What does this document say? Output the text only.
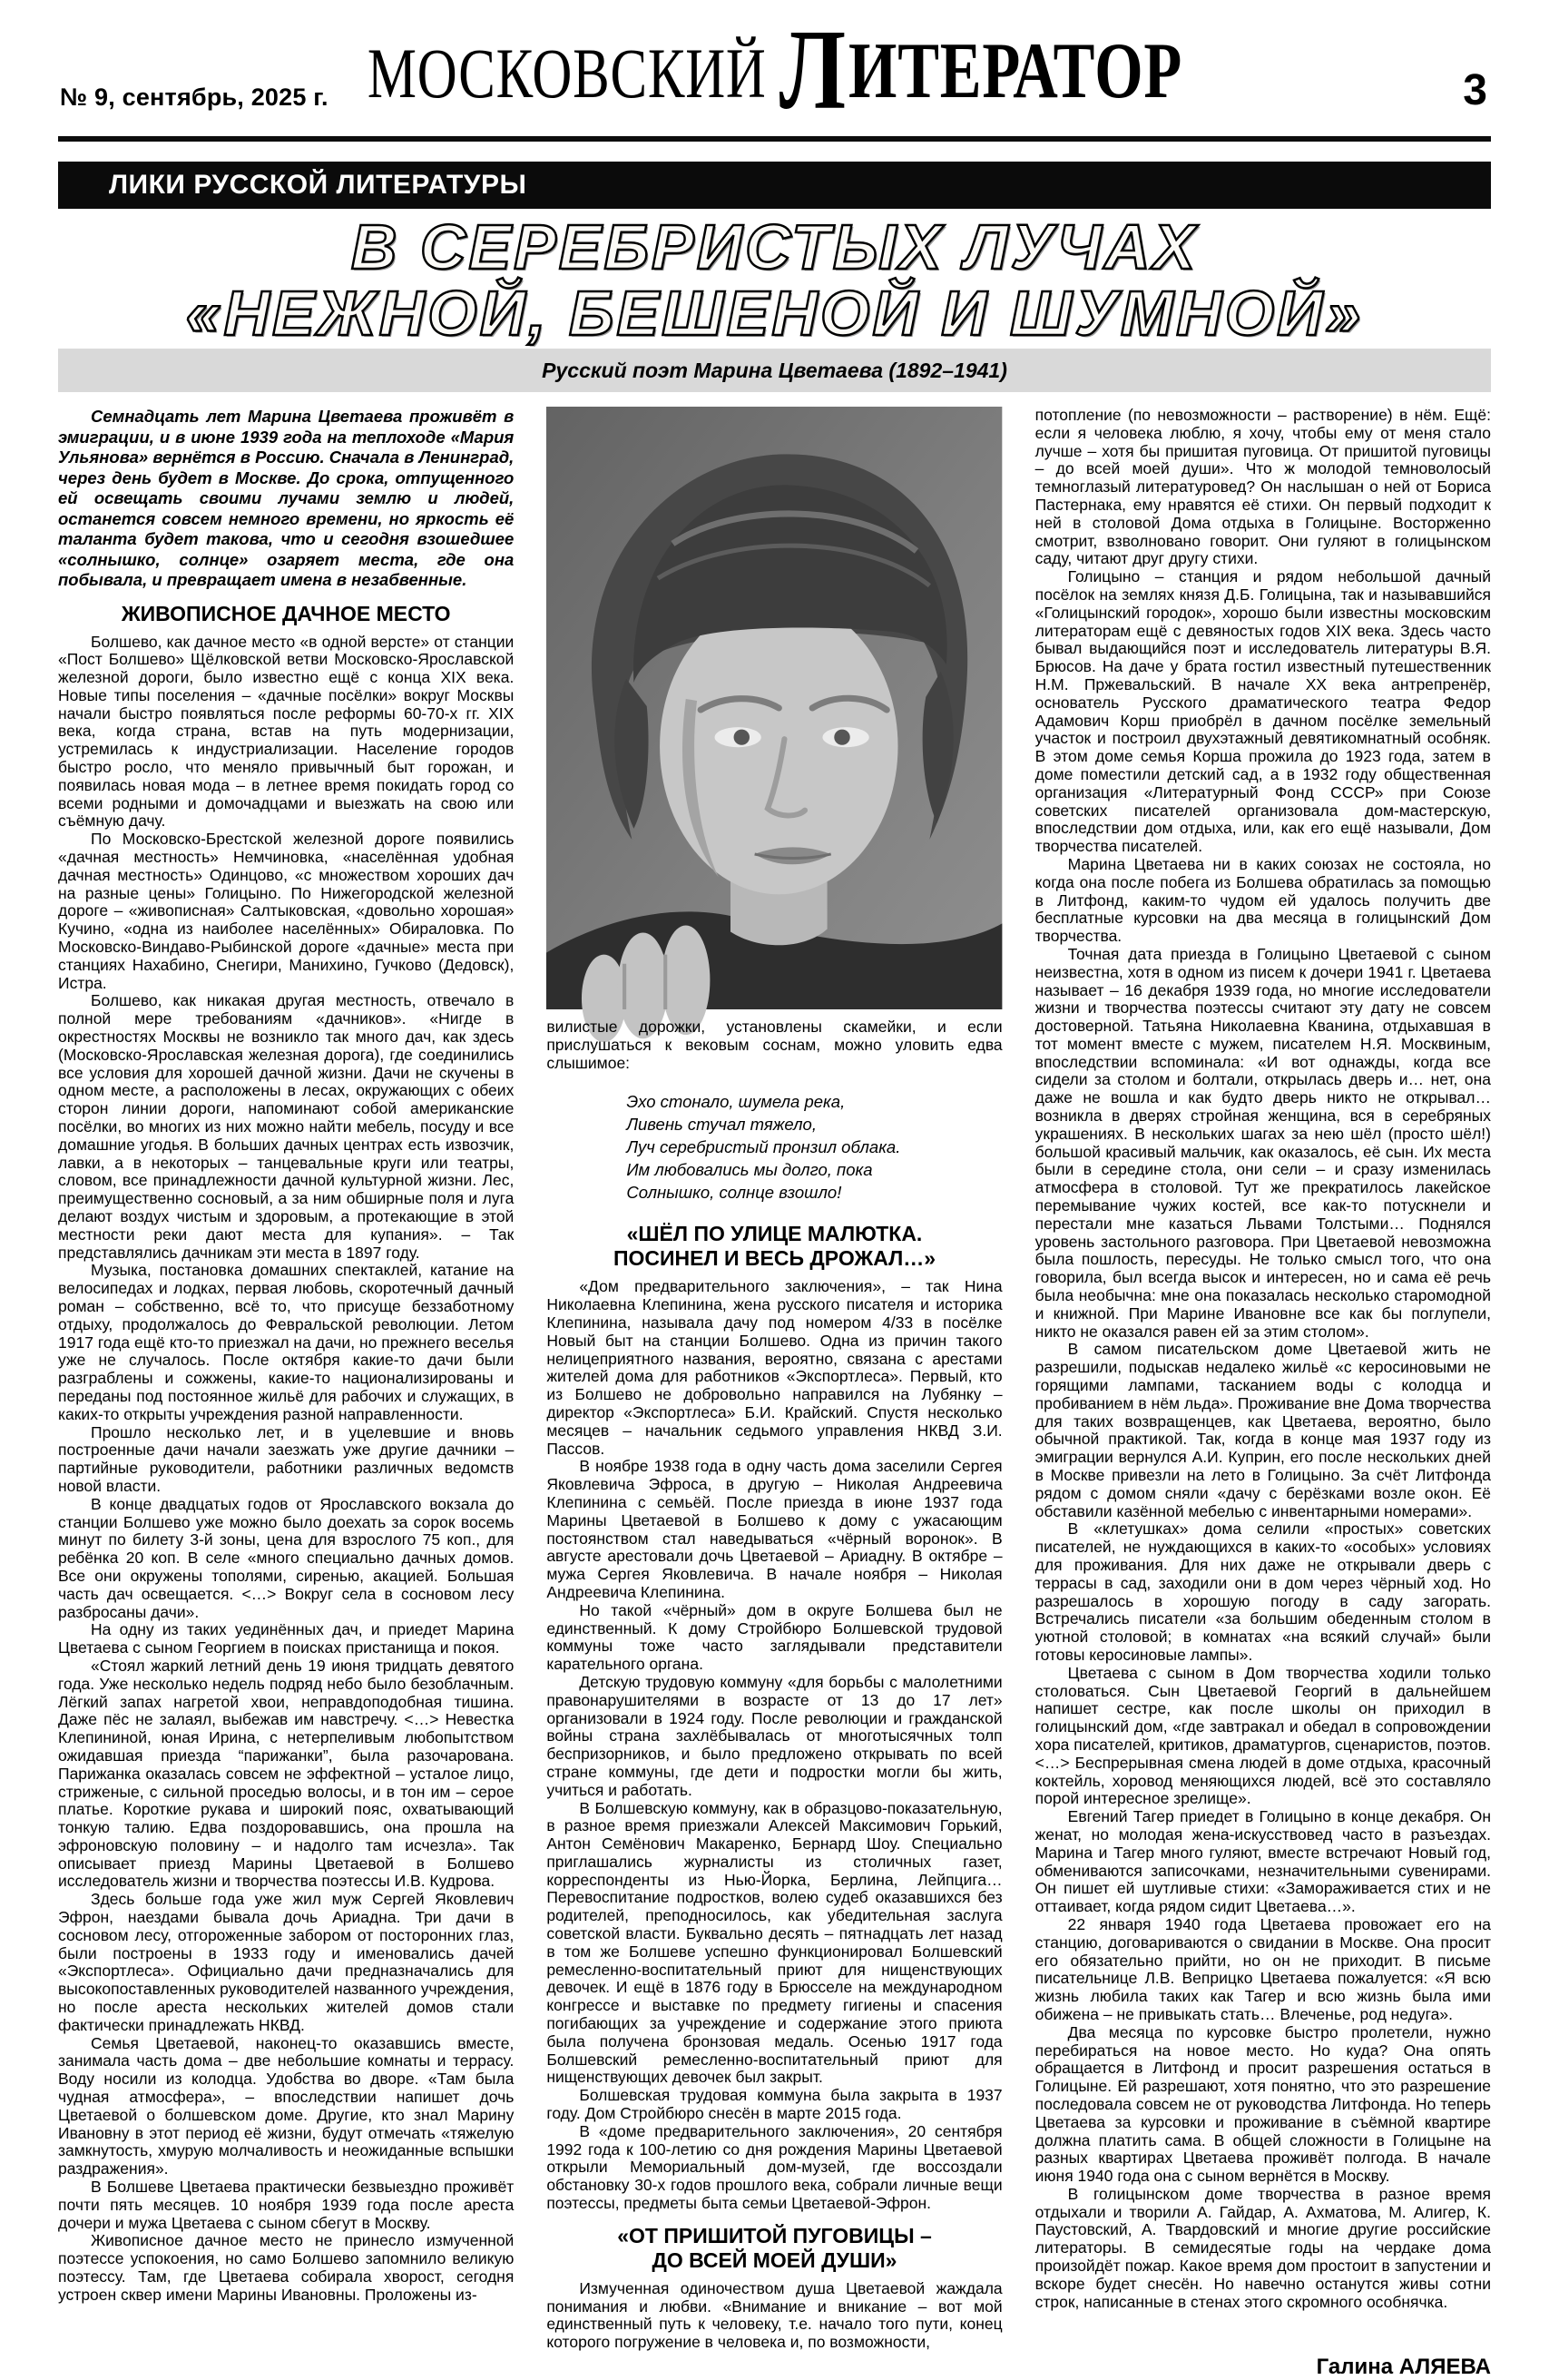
№ 9, сентябрь, 2025 г. МОСКОВСКИЙ ЛИТЕРАТОР	3
ЛИКИ РУССКОЙ ЛИТЕРАТУРЫ
В СЕРЕБРИСТЫХ ЛУЧАХ
«НЕЖНОЙ, БЕШЕНОЙ И ШУМНОЙ»
Русский поэт Марина Цветаева (1892–1941)

Семнадцать лет Марина Цветаева проживёт в эмиграции, и в июне 1939 года на теплоходе «Мария Ульянова» вернётся в Россию. Сначала в Ленинград, через день будет в Москве. До срока, отпущенного ей освещать своими лучами землю и людей, останется совсем немного времени, но яркость её таланта будет такова, что и сегодня взошедшее «солнышко, солнце» озаряет места, где она побывала, и превращает имена в незабвенные.

ЖИВОПИСНОЕ ДАЧНОЕ МЕСТО

Болшево, как дачное место «в одной версте» от станции «Пост Болшево» Щёлковской ветви Московско-Ярославской железной дороги, было известно ещё с конца XIX века. Новые типы поселения – «дачные посёлки» вокруг Москвы начали быстро появляться после реформы 60-70-х гг. XIX века, когда страна, встав на путь модернизации, устремилась к индустриализации. Население городов быстро росло, что меняло привычный быт горожан, и появилась новая мода – в летнее время покидать город со всеми родными и домочадцами и выезжать на свою или съёмную дачу.

По Московско-Брестской железной дороге появились «дачная местность» Немчиновка, «населённая удобная дачная местность» Одинцово, «с множеством хороших дач на разные цены» Голицыно. По Нижегородской железной дороге – «живописная» Салтыковская, «довольно хорошая» Кучино, «одна из наиболее населённых» Обираловка. По Московско-Виндаво-Рыбинской дороге «дачные» места при станциях Нахабино, Снегири, Манихино, Гучково (Дедовск), Истра.

Болшево, как никакая другая местность, отвечало в полной мере требованиям «дачников». «Нигде в окрестностях Москвы не возникло так много дач, как здесь (Московско-Ярославская железная дорога), где соединились все условия для хорошей дачной жизни. Дачи не скучены в одном месте, а расположены в лесах, окружающих с обеих сторон линии дороги, напоминают собой американские посёлки, во многих из них можно найти мебель, посуду и все домашние угодья. В больших дачных центрах есть извозчик, лавки, а в некоторых – танцевальные круги или театры, словом, все принадлежности дачной культурной жизни. Лес, преимущественно сосновый, а за ним обширные поля и луга делают воздух чистым и здоровым, а протекающие в этой местности реки дают места для купания». – Так представлялись дачникам эти места в 1897 году.

Музыка, постановка домашних спектаклей, катание на велосипедах и лодках, первая любовь, скоротечный дачный роман – собственно, всё то, что присуще беззаботному отдыху, продолжалось до Февральской революции. Летом 1917 года ещё кто-то приезжал на дачи, но прежнего веселья уже не случалось. После октября какие-то дачи были разграблены и сожжены, какие-то национализированы и переданы под постоянное жильё для рабочих и служащих, в каких-то открыты учреждения разной направленности.

Прошло несколько лет, и в уцелевшие и вновь построенные дачи начали заезжать уже другие дачники – партийные руководители, работники различных ведомств новой власти.

В конце двадцатых годов от Ярославского вокзала до станции Болшево уже можно было доехать за сорок восемь минут по билету 3-й зоны, цена для взрослого 75 коп., для ребёнка 20 коп. В селе «много специально дачных домов. Все они окружены тополями, сиренью, акацией. Большая часть дач освещается. <…> Вокруг села в сосновом лесу разбросаны дачи».

На одну из таких уединённых дач, и приедет Марина Цветаева с сыном Георгием в поисках пристанища и покоя.

«Стоял жаркий летний день 19 июня тридцать девятого года. Уже несколько недель подряд небо было безоблачным. Лёгкий запах нагретой хвои, неправдоподобная тишина. Даже пёс не залаял, выбежав им навстречу. <…> Невестка Клепининой, юная Ирина, с нетерпеливым любопытством ожидавшая приезда “парижанки”, была разочарована. Парижанка оказалась совсем не эффектной – усталое лицо, стриженые, с сильной проседью волосы, и в тон им – серое платье. Короткие рукава и широкий пояс, охватывающий тонкую талию. Едва поздоровавшись, она прошла на эфроновскую половину – и надолго там исчезла». Так описывает приезд Марины Цветаевой в Болшево исследователь жизни и творчества поэтессы И.В. Кудрова.

Здесь больше года уже жил муж Сергей Яковлевич Эфрон, наездами бывала дочь Ариадна. Три дачи в сосновом лесу, отгороженные забором от посторонних глаз, были построены в 1933 году и именовались дачей «Экспортлеса». Официально дачи предназначались для высокопоставленных руководителей названного учреждения, но после ареста нескольких жителей домов стали фактически принадлежать НКВД.

Семья Цветаевой, наконец-то оказавшись вместе, занимала часть дома – две небольшие комнаты и террасу. Воду носили из колодца. Удобства во дворе. «Там была чудная атмосфера», – впоследствии напишет дочь Цветаевой о болшевском доме. Другие, кто знал Марину Ивановну в этот период её жизни, будут отмечать «тяжелую замкнутость, хмурую молчаливость и неожиданные вспышки раздражения».

В Болшеве Цветаева практически безвыездно проживёт почти пять месяцев. 10 ноября 1939 года после ареста дочери и мужа Цветаева с сыном сбегут в Москву.

Живописное дачное место не принесло измученной поэтессе успокоения, но само Болшево запомнило великую поэтессу. Там, где Цветаева собирала хворост, сегодня устроен сквер имени Марины Ивановны. Проложены из-

вилистые дорожки, установлены скамейки, и если прислушаться к вековым соснам, можно уловить едва слышимое:

Эхо стонало, шумела река,
Ливень стучал тяжело,
Луч серебристый пронзил облака.
Им любовались мы долго, пока
Солнышко, солнце взошло!
«ШЁЛ ПО УЛИЦЕ МАЛЮТКА.
ПОСИНЕЛ И ВЕСЬ ДРОЖАЛ…»

«Дом предварительного заключения», – так Нина Николаевна Клепинина, жена русского писателя и историка Клепинина, называла дачу под номером 4/33 в посёлке Новый быт на станции Болшево. Одна из причин такого нелицеприятного названия, вероятно, связана с арестами жителей дома для работников «Экспортлеса». Первый, кто из Болшево не добровольно направился на Лубянку – директор «Экспортлеса» Б.И. Крайский. Спустя несколько месяцев – начальник седьмого управления НКВД З.И. Пассов.

В ноябре 1938 года в одну часть дома заселили Сергея Яковлевича Эфроса, в другую – Николая Андреевича Клепинина с семьёй. После приезда в июне 1937 года Марины Цветаевой в Болшево к дому с ужасающим постоянством стал наведываться «чёрный воронок». В августе арестовали дочь Цветаевой – Ариадну. В октябре – мужа Сергея Яковлевича. В начале ноября – Николая Андреевича Клепинина.

Но такой «чёрный» дом в округе Болшева был не единственный. К дому Стройбюро Болшевской трудовой коммуны тоже часто заглядывали представители карательного органа.

Детскую трудовую коммуну «для борьбы с малолетними правонарушителями в возрасте от 13 до 17 лет» организовали в 1924 году. После революции и гражданской войны страна захлёбывалась от многотысячных толп беспризорников, и было предложено открывать по всей стране коммуны, где дети и подростки могли бы жить, учиться и работать.

В Болшевскую коммуну, как в образцово-показательную, в разное время приезжали Алексей Максимович Горький, Антон Семёнович Макаренко, Бернард Шоу. Специально приглашались журналисты из столичных газет, корреспонденты из Нью-Йорка, Берлина, Лейпцига… Перевоспитание подростков, волею судеб оказавшихся без родителей, преподносилось, как убедительная заслуга советской власти. Буквально десять – пятнадцать лет назад в том же Болшеве успешно функционировал Болшевский ремесленно-воспитательный приют для нищенствующих девочек. И ещё в 1876 году в Брюсселе на международном конгрессе и выставке по предмету гигиены и спасения погибающих за учреждение и содержание этого приюта была получена бронзовая медаль. Осенью 1917 года Болшевский ремесленно-воспитательный приют для нищенствующих девочек был закрыт.

Болшевская трудовая коммуна была закрыта в 1937 году. Дом Стройбюро снесён в марте 2015 года.

В «доме предварительного заключения», 20 сентября 1992 года к 100-летию со дня рождения Марины Цветаевой открыли Мемориальный дом-музей, где воссоздали обстановку 30-х годов прошлого века, собрали личные вещи поэтессы, предметы быта семьи Цветаевой-Эфрон.

«ОТ ПРИШИТОЙ ПУГОВИЦЫ –
ДО ВСЕЙ МОЕЙ ДУШИ»

Измученная одиночеством душа Цветаевой жаждала понимания и любви. «Внимание и вникание – вот мой единственный путь к человеку, т.е. начало того пути, конец которого погружение в человека и, по возможности,

потопление (по невозможности – растворение) в нём. Ещё: если я человека люблю, я хочу, чтобы ему от меня стало лучше – хотя бы пришитая пуговица. От пришитой пуговицы – до всей моей души». Что ж молодой темноволосый темноглазый литературовед? Он наслышан о ней от Бориса Пастернака, ему нравятся её стихи. Он первый подходит к ней в столовой Дома отдыха в Голицыне. Восторженно смотрит, взволновано говорит. Они гуляют в голицынском саду, читают друг другу стихи.

Голицыно – станция и рядом небольшой дачный посёлок на землях князя Д.Б. Голицына, так и называвшийся «Голицынский городок», хорошо были известны московским литераторам ещё с девяностых годов XIX века. Здесь часто бывал выдающийся поэт и исследователь литературы В.Я. Брюсов. На даче у брата гостил известный путешественник Н.М. Пржевальский. В начале XX века антрепренёр, основатель Русского драматического театра Федор Адамович Корш приобрёл в дачном посёлке земельный участок и построил двухэтажный девятикомнатный особняк. В этом доме семья Корша прожила до 1923 года, затем в доме поместили детский сад, а в 1932 году общественная организация «Литературный Фонд СССР» при Союзе советских писателей организовала дом-мастерскую, впоследствии дом отдыха, или, как его ещё называли, Дом творчества писателей.

Марина Цветаева ни в каких союзах не состояла, но когда она после побега из Болшева обратилась за помощью в Литфонд, каким-то чудом ей удалось получить две бесплатные курсовки на два месяца в голицынский Дом творчества.

Точная дата приезда в Голицыно Цветаевой с сыном неизвестна, хотя в одном из писем к дочери 1941 г. Цветаева называет – 16 декабря 1939 года, но многие исследователи жизни и творчества поэтессы считают эту дату не совсем достоверной. Татьяна Николаевна Кванина, отдыхавшая в тот момент вместе с мужем, писателем Н.Я. Москвиным, впоследствии вспоминала: «И вот однажды, когда все сидели за столом и болтали, открылась дверь и… нет, она даже не вошла и как будто дверь никто не открывал… возникла в дверях стройная женщина, вся в серебряных украшениях. В нескольких шагах за нею шёл (просто шёл!) большой красивый мальчик, как оказалось, её сын. Их места были в середине стола, они сели – и сразу изменилась атмосфера в столовой. Тут же прекратилось лакейское перемывание чужих костей, все как-то потускнели и перестали мне казаться Львами Толстыми… Поднялся уровень застольного разговора. При Цветаевой невозможна была пошлость, пересуды. Не только смысл того, что она говорила, был всегда высок и интересен, но и сама её речь была необычна: мне она показалась несколько старомодной и книжной. При Марине Ивановне все как бы поглупели, никто не оказался равен ей за этим столом».

В самом писательском доме Цветаевой жить не разрешили, подыскав недалеко жильё «с керосиновыми не горящими лампами, тасканием воды с колодца и пробиванием в нём льда». Проживание вне Дома творчества для таких возвращенцев, как Цветаева, вероятно, было обычной практикой. Так, когда в конце мая 1937 году из эмиграции вернулся А.И. Куприн, его после нескольких дней в Москве привезли на лето в Голицыно. За счёт Литфонда рядом с домом сняли «дачу с берёзками возле окон. Её обставили казённой мебелью с инвентарными номерами».

В «клетушках» дома селили «простых» советских писателей, не нуждающихся в каких-то «особых» условиях для проживания. Для них даже не открывали дверь с террасы в сад, заходили они в дом через чёрный ход. Но разрешалось в хорошую погоду в саду загорать. Встречались писатели «за большим обеденным столом в уютной столовой; в комнатах «на всякий случай» были готовы керосиновые лампы».

Цветаева с сыном в Дом творчества ходили только столоваться. Сын Цветаевой Георгий в дальнейшем напишет сестре, как после школы он приходил в голицынский дом, «где завтракал и обедал в сопровождении хора писателей, критиков, драматургов, сценаристов, поэтов. <…> Беспрерывная смена людей в доме отдыха, красочный коктейль, хоровод меняющихся людей, всё это составляло порой интересное зрелище».

Евгений Тагер приедет в Голицыно в конце декабря. Он женат, но молодая жена-искусствовед часто в разъездах. Марина и Тагер много гуляют, вместе встречают Новый год, обмениваются записочками, незначительными сувенирами. Он пишет ей шутливые стихи: «Замораживается стих и не оттаивает, когда рядом сидит Цветаева…».

22 января 1940 года Цветаева провожает его на станцию, договариваются о свидании в Москве. Она просит его обязательно прийти, но он не приходит. В письме писательнице Л.В. Веприцко Цветаева пожалуется: «Я всю жизнь любила таких как Тагер и всю жизнь была ими обижена – не привыкать стать… Влеченье, род недуга».

Два месяца по курсовке быстро пролетели, нужно перебираться на новое место. Но куда? Она опять обращается в Литфонд и просит разрешения остаться в Голицыне. Ей разрешают, хотя понятно, что это разрешение последовала совсем не от руководства Литфонда. Но теперь Цветаева за курсовки и проживание в съёмной квартире должна платить сама. В общей сложности в Голицыне на разных квартирах Цветаева проживёт полгода. В начале июня 1940 года она с сыном вернётся в Москву.

В голицынском доме творчества в разное время отдыхали и творили А. Гайдар, А. Ахматова, М. Алигер, К. Паустовский, А. Твардовский и многие другие российские литераторы. В семидесятые годы на чердаке дома произойдёт пожар. Какое время дом простоит в запустении и вскоре будет снесён. Но навечно останутся живы сотни строк, написанные в стенах этого скромного особнячка.

Галина АЛЯЕВА
